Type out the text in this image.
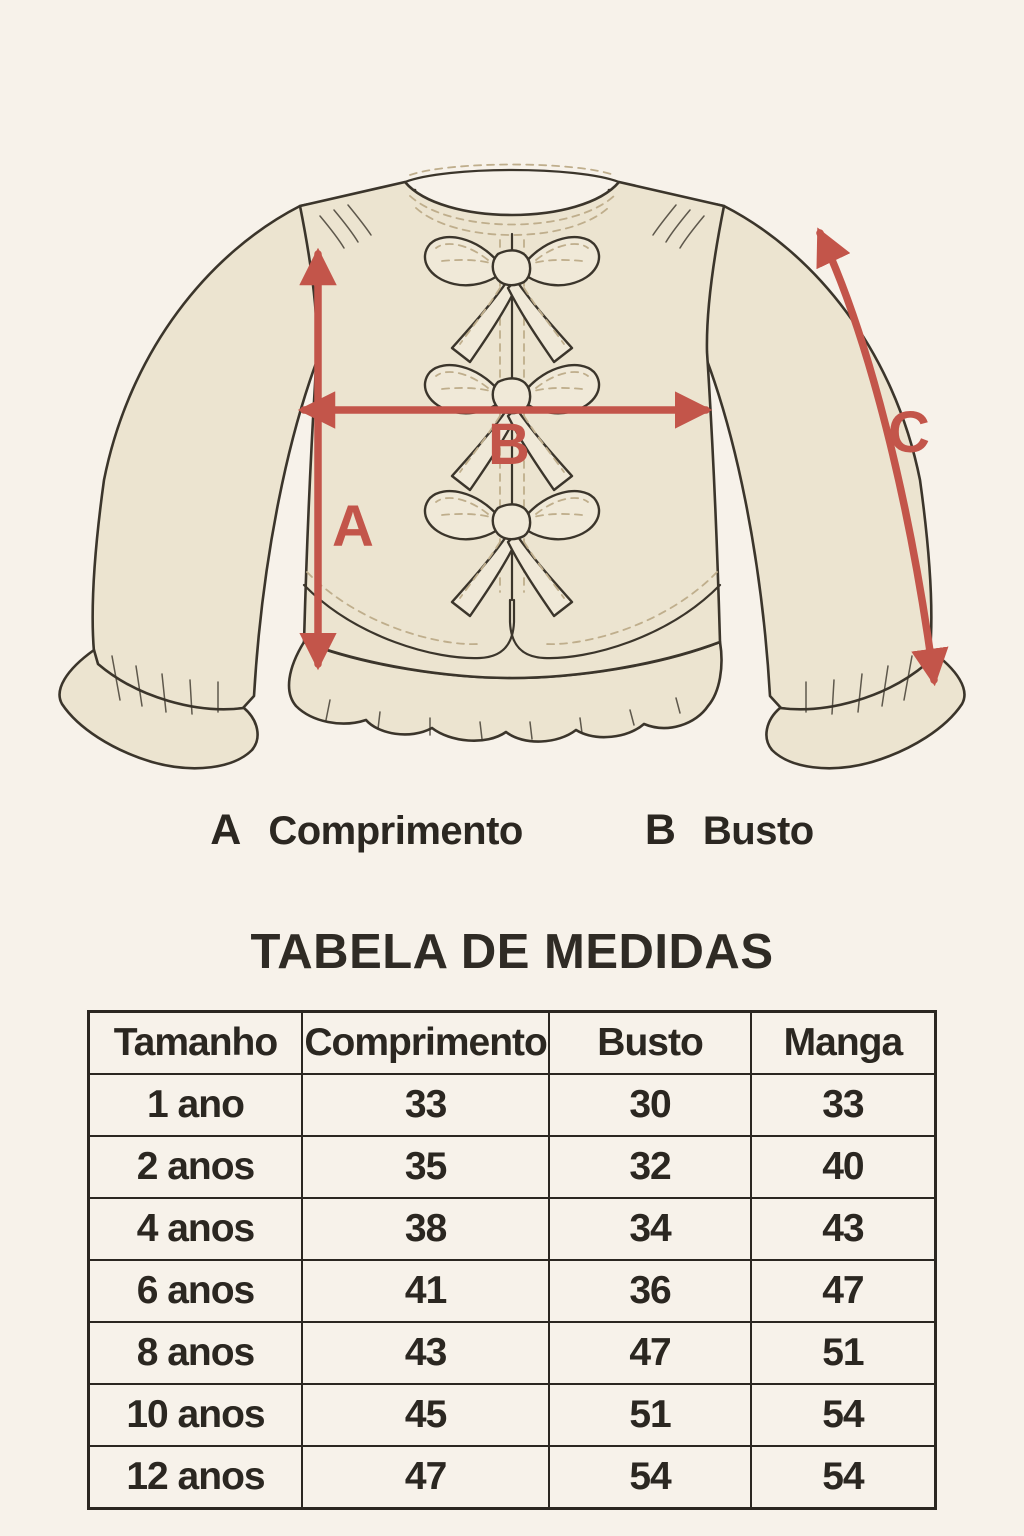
A
B	C
A Comprimento	B Busto
TABELA DE MEDIDAS
Tamanho	Comprimento	Busto	Manga
1 ano	33	30	33
2 anos	35	32	40
4 anos	38	34	43
6 anos	41	36	47
8 anos	43	47	51
10 anos	45	51	54
12 anos	47	54	54
